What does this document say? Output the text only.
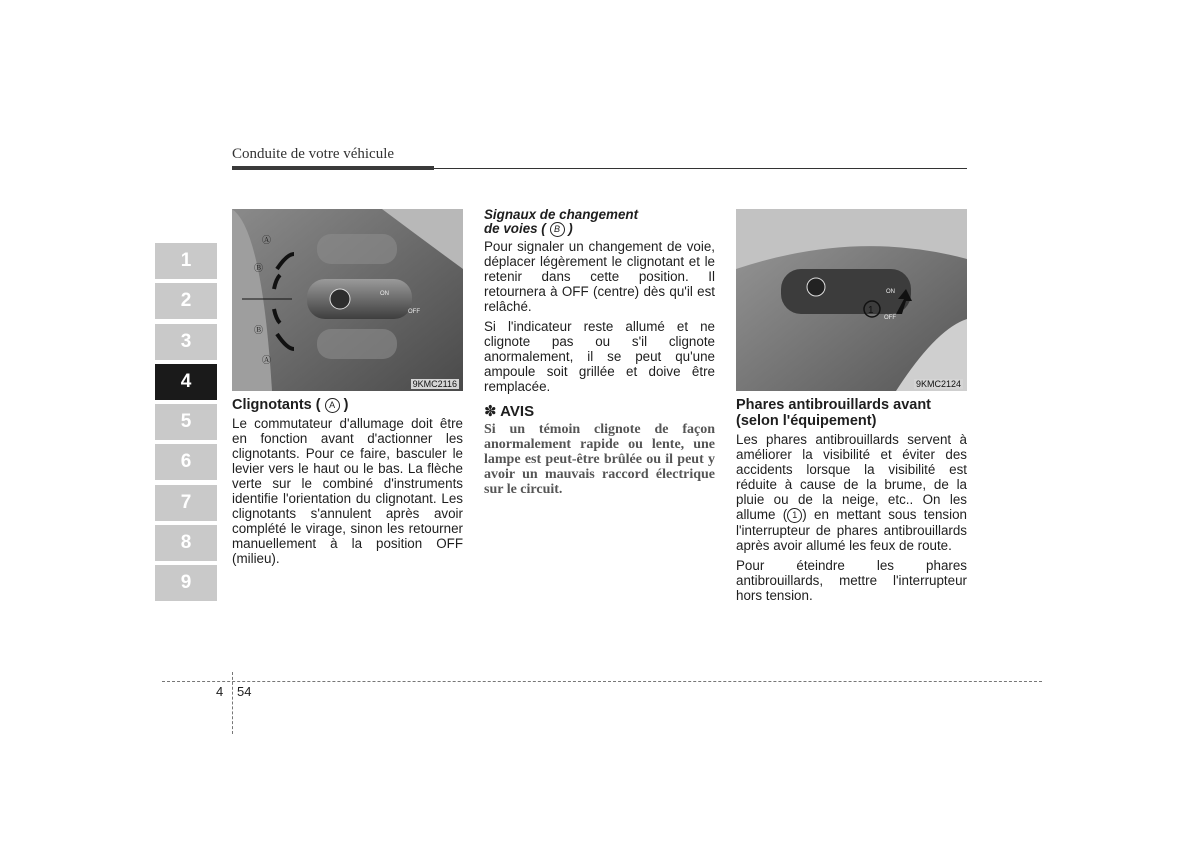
Conduite de votre véhicule
1
2
3
4
5
6
7
8
9
ON
OFF
Ⓐ
Ⓑ
Ⓑ
Ⓐ
9KMC2116
1
ON
OFF
9KMC2124
Clignotants ( A )

Le commutateur d'allumage doit être en fonction avant d'actionner les clignotants. Pour ce faire, basculer le levier vers le haut ou le bas. La flèche verte sur le combiné d'instruments identifie l'orientation du clignotant. Les clignotants s'annulent après avoir complété le virage, sinon les retourner manuellement à la position OFF (milieu).

Signaux de changement
de voies ( B )

Pour signaler un changement de voie, déplacer légèrement le clignotant et le retenir dans cette position. Il retournera à OFF (centre) dès qu'il est relâché.

Si l'indicateur reste allumé et ne clignote pas ou s'il clignote anormalement, il se peut qu'une ampoule soit grillée et doive être remplacée.

✽ AVIS
Si un témoin clignote de façon anormalement rapide ou lente, une lampe est peut-être brûlée ou il peut y avoir un mauvais raccord électrique sur le circuit.
Phares antibrouillards avant (selon l'équipement)

Les phares antibrouillards servent à améliorer la visibilité et éviter des accidents lorsque la visibilité est réduite à cause de la brume, de la pluie ou de la neige, etc.. On les allume ( 1 ) en mettant sous tension l'interrupteur de phares antibrouillards après avoir allumé les feux de route.

Pour éteindre les phares antibrouillards, mettre l'interrupteur hors tension.

4 54
